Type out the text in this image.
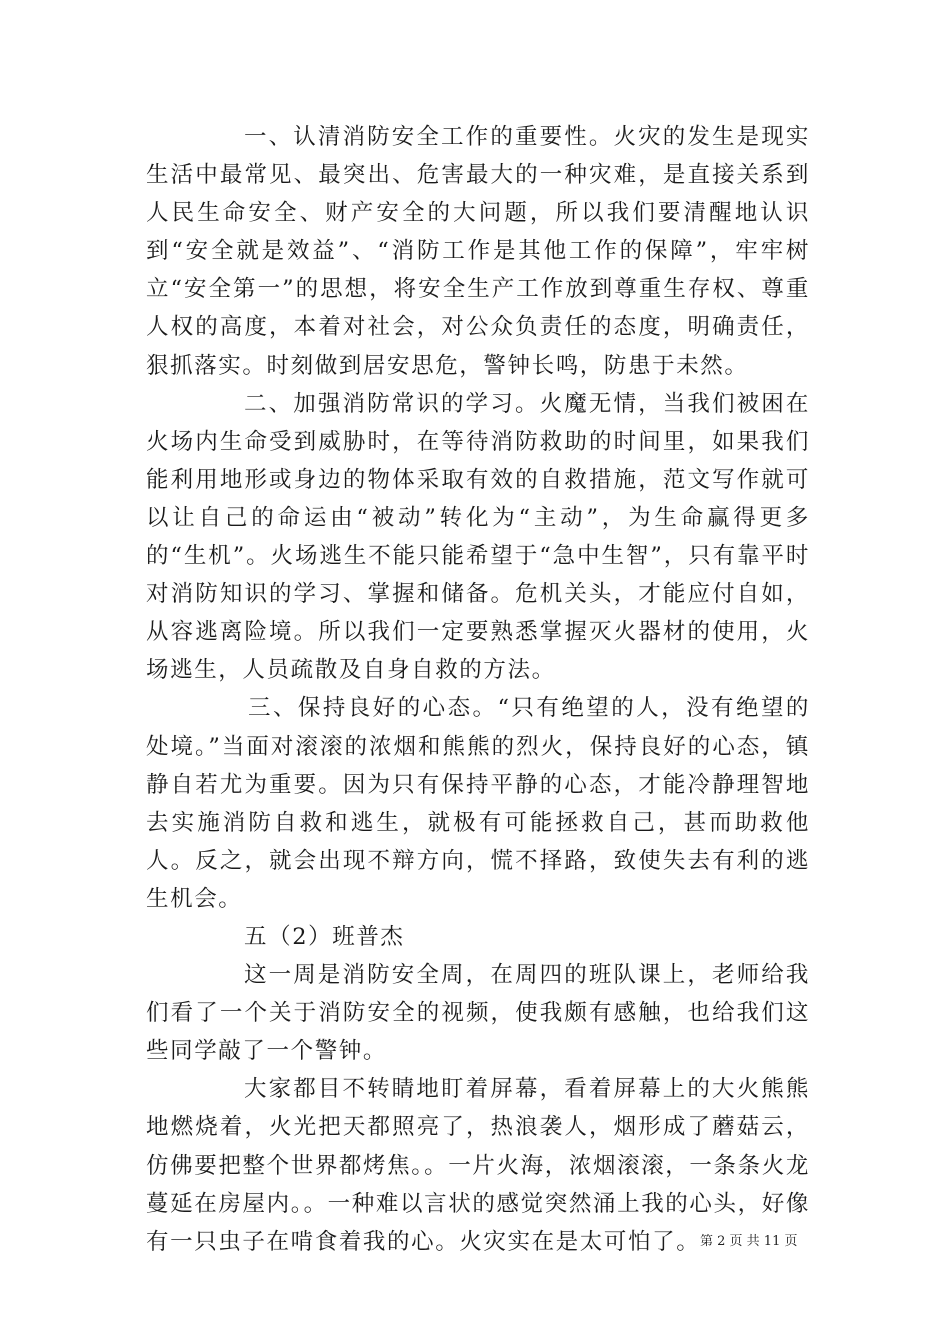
一、认清消防安全工作的重要性。火灾的发生是现实生活中最常见、最突出、危害最大的一种灾难，是直接关系到人民生命安全、财产安全的大问题，所以我们要清醒地认识到“安全就是效益”、“消防工作是其他工作的保障”，牢牢树立“安全第一”的思想，将安全生产工作放到尊重生存权、尊重人权的高度，本着对社会，对公众负责任的态度，明确责任，狠抓落实。时刻做到居安思危，警钟长鸣，防患于未然。

二、加强消防常识的学习。火魔无情，当我们被困在火场内生命受到威胁时，在等待消防救助的时间里，如果我们能利用地形或身边的物体采取有效的自救措施，范文写作就可以让自己的命运由“被动”转化为“主动”，为生命赢得更多的“生机”。火场逃生不能只能希望于“急中生智”，只有靠平时对消防知识的学习、掌握和储备。危机关头，才能应付自如，从容逃离险境。所以我们一定要熟悉掌握灭火器材的使用，火场逃生，人员疏散及自身自救的方法。

三、保持良好的心态。“只有绝望的人，没有绝望的处境。”当面对滚滚的浓烟和熊熊的烈火，保持良好的心态，镇静自若尤为重要。因为只有保持平静的心态，才能冷静理智地去实施消防自救和逃生，就极有可能拯救自己，甚而助救他人。反之，就会出现不辩方向，慌不择路，致使失去有利的逃生机会。

五（2）班普杰

这一周是消防安全周，在周四的班队课上，老师给我们看了一个关于消防安全的视频，使我颇有感触，也给我们这些同学敲了一个警钟。

大家都目不转睛地盯着屏幕，看着屏幕上的大火熊熊地燃烧着，火光把天都照亮了，热浪袭人，烟形成了蘑菇云，仿佛要把整个世界都烤焦。。一片火海，浓烟滚滚，一条条火龙蔓延在房屋内。。一种难以言状的感觉突然涌上我的心头，好像有一只虫子在啃食着我的心。火灾实在是太可怕了。 第 2 页 共 11 页
